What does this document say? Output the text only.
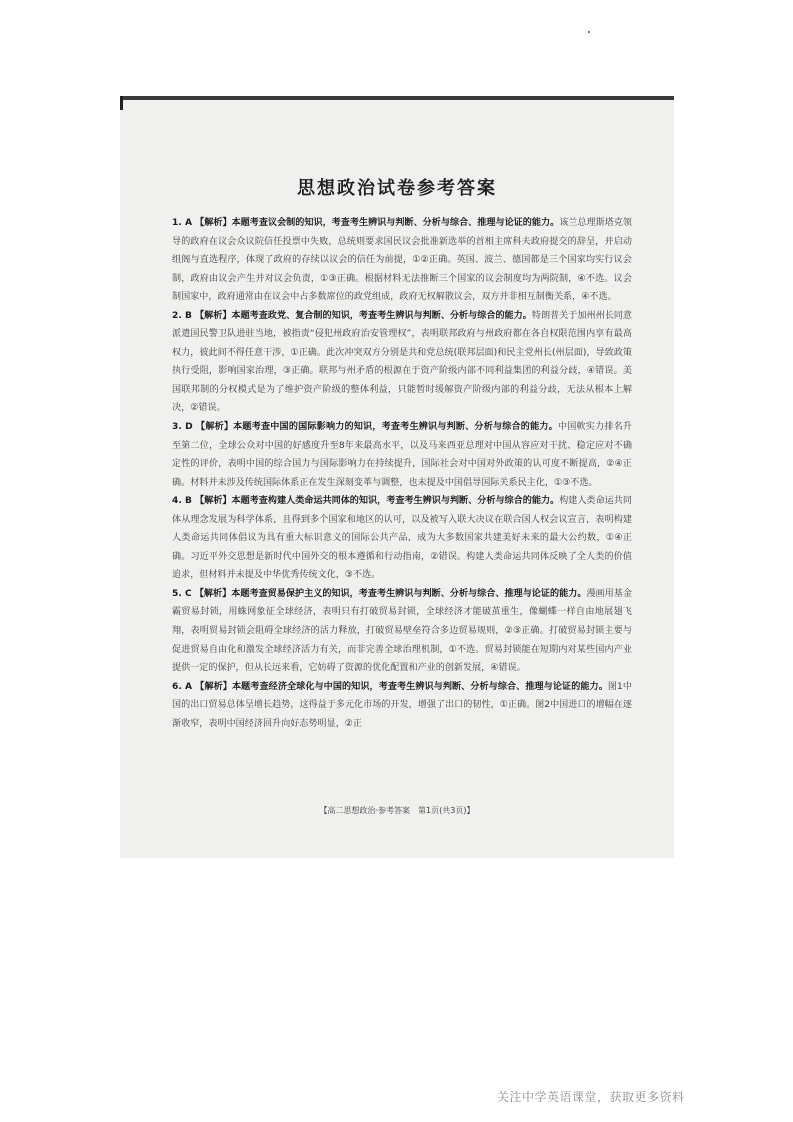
思想政治试卷参考答案
1. A 【解析】本题考查议会制的知识，考查考生辨识与判断、分析与综合、推理与论证的能力。该兰总理斯塔克领导的政府在议会众议院信任投票中失败，总统则要求国民议会批准新选举的首相主席科夫政府提交的辞呈，并启动组阁与直选程序，体现了政府的存续以议会的信任为前提，①②正确。英国、波兰、德国都是三个国家均实行议会制，政府由议会产生并对议会负责，①③正确。根据材料无法推断三个国家的议会制度均为两院制，④不选。议会制国家中，政府通常由在议会中占多数席位的政党组成，政府无权解散议会，双方并非相互制衡关系，④不选。
2. B 【解析】本题考查政党、复合制的知识，考查考生辨识与判断、分析与综合的能力。特朗普关于加州州长同意派遣国民警卫队进驻当地，被指责“侵犯州政府治安管理权”，表明联邦政府与州政府都在各自权限范围内享有最高权力，彼此间不得任意干涉，①正确。此次冲突双方分别是共和党总统(联邦层面)和民主党州长(州层面)，导致政策执行受阻，影响国家治理，③正确。联邦与州矛盾的根源在于资产阶级内部不同利益集团的利益分歧，④错误。美国联邦制的分权模式是为了维护资产阶级的整体利益，只能暂时缓解资产阶级内部的利益分歧，无法从根本上解决，②错误。
3. D 【解析】本题考查中国的国际影响力的知识，考查考生辨识与判断、分析与综合的能力。中国軟实力排名升至第二位，全球公众对中国的好感度升至8年来最高水平，以及马来西亚总理对中国从容应对干扰、稳定应对不确定性的评价，表明中国的综合国力与国际影响力在持续提升，国际社会对中国对外政策的认可度不断提高，②④正确。材料并未涉及传统国际体系正在发生深刻变革与调整，也未提及中国倡导国际关系民主化，①③不选。
4. B 【解析】本题考查构建人类命运共同体的知识，考查考生辨识与判断、分析与综合的能力。构建人类命运共同体从理念发展为科学体系，且得到多个国家和地区的认可，以及被写入联大决议在联合国人权会议宣言，表明构建人类命运共同体倡议为具有重大标识意义的国际公共产品，成为大多数国家共建美好未来的最大公约数，①④正确。习近平外交思想是新时代中国外交的根本遵循和行动指南，②错误。构建人类命运共同体反映了全人类的价值追求，但材料并未提及中华优秀传统文化，③不选。
5. C 【解析】本题考查贸易保护主义的知识，考查考生辨识与判断、分析与综合、推理与论证的能力。漫画用基金霸贸易封锁，用蛛网象征全球经济，表明只有打破贸易封锁，全球经济才能破茧重生，像蝴蝶一样自由地展翅飞翔，表明贸易封锁会阻碍全球经济的活力释放，打破贸易壁垒符合多边贸易规则，②③正确。打破贸易封锁主要与促进贸易自由化和激发全球经济活力有关，而非完善全球治理机制，①不选。贸易封锁能在短期内对某些国内产业提供一定的保护，但从长远来看，它妨碍了资源的优化配置和产业的创新发展，④错误。
6. A 【解析】本题考查经济全球化与中国的知识，考查考生辨识与判断、分析与综合、推理与论证的能力。图1中国的出口贸易总体呈增长趋势，这得益于多元化市场的开发，增强了出口的韧性，①正确。图2中国进口的增幅在逐渐收窄，表明中国经济回升向好态势明显，②正
【高二思想政治·参考答案　第1页(共3页)】
关注中学英语课堂，获取更多资料
